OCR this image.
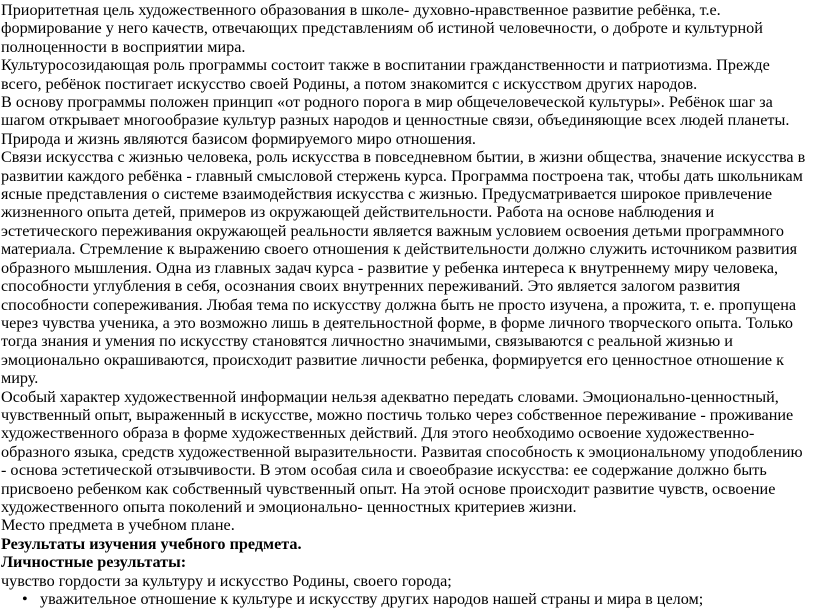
Приоритетная цель художественного образования в школе- духовно-нравственное развитие ребёнка, т.е. формирование у него качеств, отвечающих представлениям об истиной человечности, о доброте и культурной полноценности в восприятии мира.

Культуросозидающая роль программы состоит также в воспитании гражданственности и патриотизма. Прежде всего, ребёнок постигает искусство своей Родины, а потом знакомится с искусством других народов.

В основу программы положен принцип «от родного порога в мир общечеловеческой культуры». Ребёнок шаг за шагом открывает многообразие культур разных народов и ценностные связи, объединяющие всех людей планеты. Природа и жизнь являются базисом формируемого миро отношения.

Связи искусства с жизнью человека, роль искусства в повседневном бытии, в жизни общества, значение искусства в развитии каждого ребёнка - главный смысловой стержень курса. Программа построена так, чтобы дать школьникам ясные представления о системе взаимодействия искусства с жизнью. Предусматривается широкое привлечение жизненного опыта детей, примеров из окружающей действительности. Работа на основе наблюдения и эстетического переживания окружающей реальности является важным условием освоения детьми программного материала. Стремление к выражению своего отношения к действительности должно служить источником развития образного мышления. Одна из главных задач курса - развитие у ребенка интереса к внутреннему миру человека, способности углубления в себя, осознания своих внутренних переживаний. Это является залогом развития способности сопереживания. Любая тема по искусству должна быть не просто изучена, а прожита, т. е. пропущена через чувства ученика, а это возможно лишь в деятельностной форме, в форме личного творческого опыта. Только тогда знания и умения по искусству становятся личностно значимыми, связываются с реальной жизнью и эмоционально окрашиваются, происходит развитие личности ребенка, формируется его ценностное отношение к миру.

Особый характер художественной информации нельзя адекватно передать словами. Эмоционально-ценностный, чувственный опыт, выраженный в искусстве, можно постичь только через собственное переживание - проживание художественного образа в форме художественных действий. Для этого необходимо освоение художественно-образного языка, средств художественной выразительности. Развитая способность к эмоциональному уподоблению - основа эстетической отзывчивости. В этом особая сила и своеобразие искусства: ее содержание должно быть присвоено ребенком как собственный чувственный опыт. На этой основе происходит развитие чувств, освоение художественного опыта поколений и эмоционально- ценностных критериев жизни.

Место предмета в учебном плане.

Результаты изучения учебного предмета.

Личностные результаты:

чувство гордости за культуру и искусство Родины, своего города;

• уважительное отношение к культуре и искусству других народов нашей страны и мира в целом;
